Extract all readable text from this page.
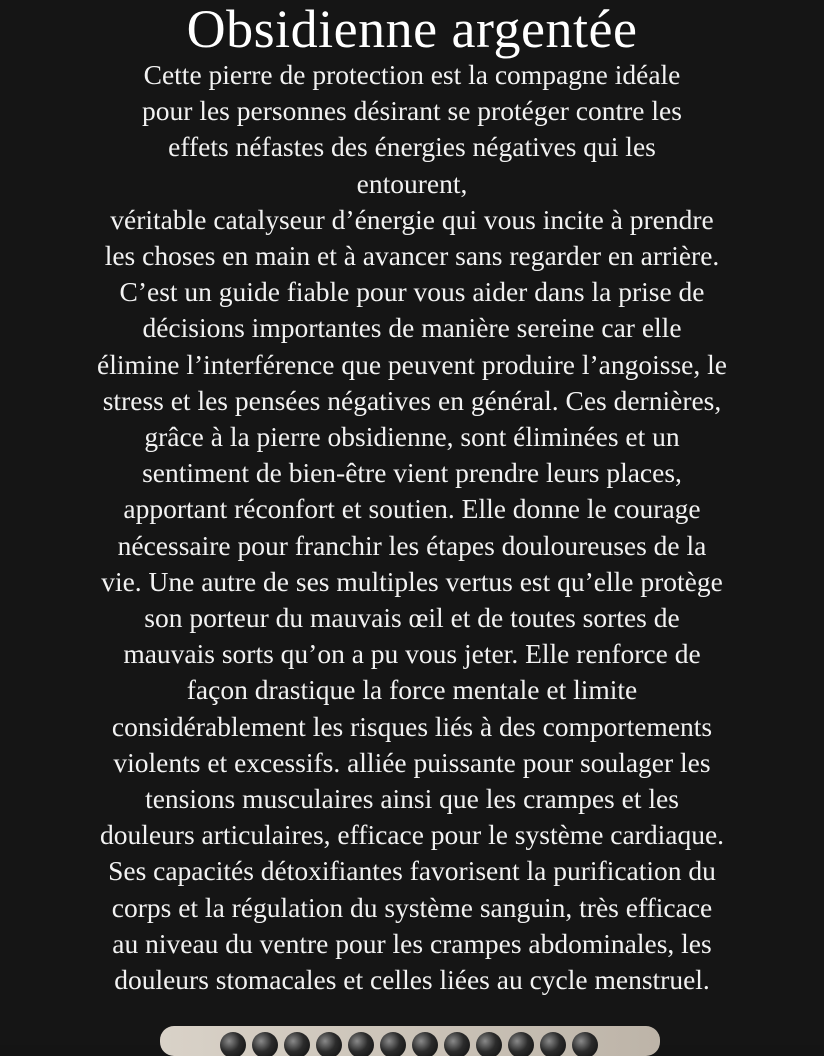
Obsidienne argentée
Cette pierre de protection est la compagne idéale
pour les personnes désirant se protéger contre les
effets néfastes des énergies négatives qui les
entourent,
véritable catalyseur d’énergie qui vous incite à prendre
les choses en main et à avancer sans regarder en arrière.
C’est un guide fiable pour vous aider dans la prise de
décisions importantes de manière sereine car elle
élimine l’interférence que peuvent produire l’angoisse, le
stress et les pensées négatives en général. Ces dernières,
grâce à la pierre obsidienne, sont éliminées et un
sentiment de bien-être vient prendre leurs places,
apportant réconfort et soutien. Elle donne le courage
nécessaire pour franchir les étapes douloureuses de la
vie. Une autre de ses multiples vertus est qu’elle protège
son porteur du mauvais œil et de toutes sortes de
mauvais sorts qu’on a pu vous jeter. Elle renforce de
façon drastique la force mentale et limite
considérablement les risques liés à des comportements
violents et excessifs. alliée puissante pour soulager les
tensions musculaires ainsi que les crampes et les
douleurs articulaires, efficace pour le système cardiaque.
Ses capacités détoxifiantes favorisent la purification du
corps et la régulation du système sanguin, très efficace
au niveau du ventre pour les crampes abdominales, les
douleurs stomacales et celles liées au cycle menstruel.
